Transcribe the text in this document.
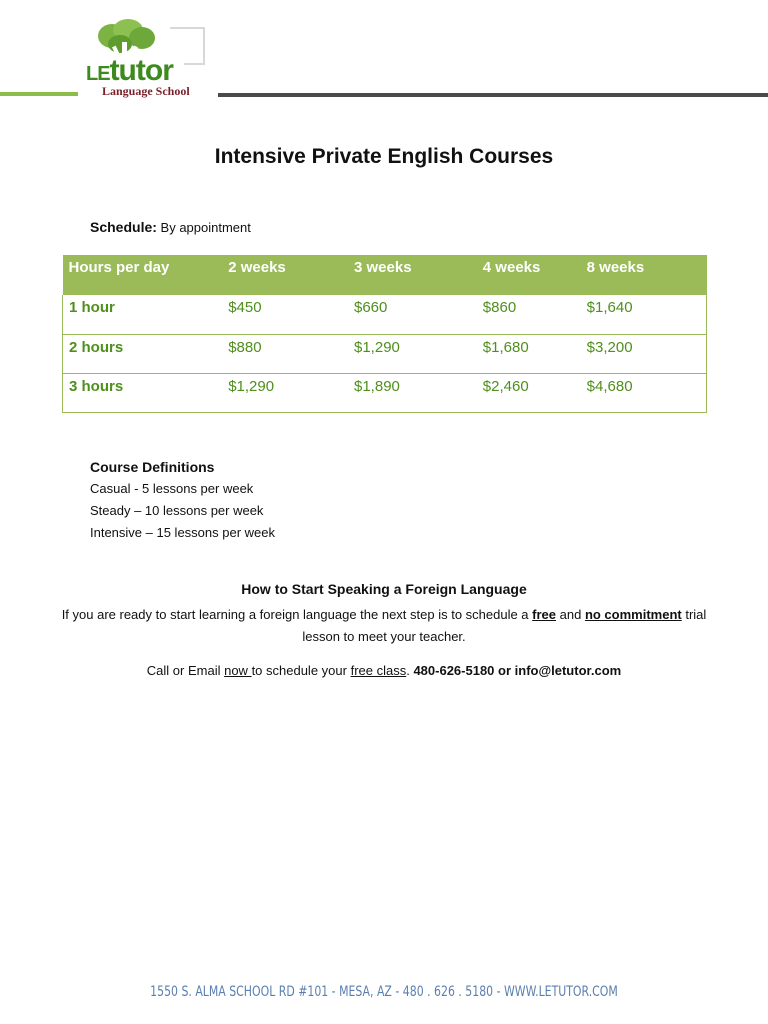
LEtutor
Language School
Intensive Private English Courses
Schedule: By appointment
Hours per day	2 weeks	3 weeks	4 weeks	8 weeks
1 hour	$450	$660	$860	$1,640
2 hours	$880	$1,290	$1,680	$3,200
3 hours	$1,290	$1,890	$2,460	$4,680
Course Definitions
Casual - 5 lessons per week
Steady – 10 lessons per week
Intensive – 15 lessons per week
How to Start Speaking a Foreign Language
If you are ready to start learning a foreign language the next step is to schedule a free and no commitment trial lesson to meet your teacher.
Call or Email now to schedule your free class. 480-626-5180 or info@letutor.com
1550 S. ALMA SCHOOL RD #101 - MESA, AZ - 480 . 626 . 5180 - WWW.LETUTOR.COM
